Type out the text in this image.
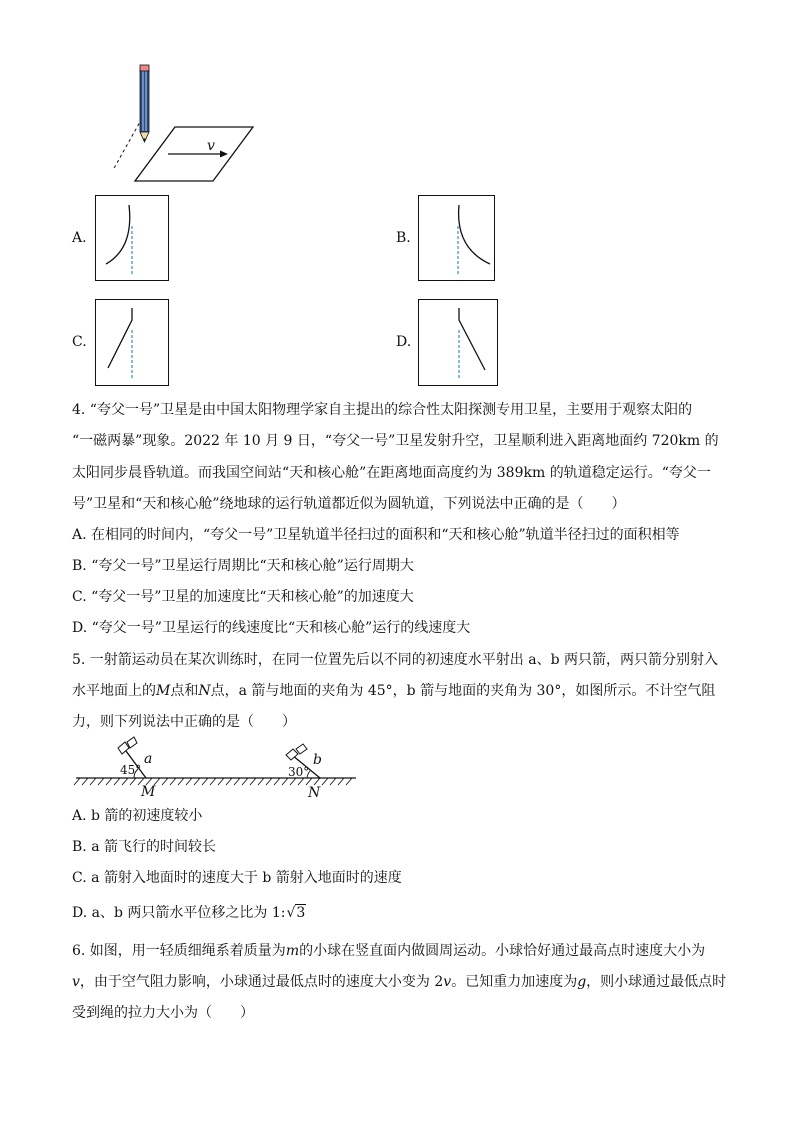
v
A.	B.
C.	D.
4. “夸父一号”卫星是由中国太阳物理学家自主提出的综合性太阳探测专用卫星，主要用于观察太阳的
“一磁两暴”现象。2022 年 10 月 9 日，“夸父一号”卫星发射升空，卫星顺利进入距离地面约 720km 的
太阳同步晨昏轨道。而我国空间站“天和核心舱”在距离地面高度约为 389km 的轨道稳定运行。“夸父一
号”卫星和“天和核心舱”绕地球的运行轨道都近似为圆轨道，下列说法中正确的是（　　）
A. 在相同的时间内，“夸父一号”卫星轨道半径扫过的面积和“天和核心舱”轨道半径扫过的面积相等
B. “夸父一号”卫星运行周期比“天和核心舱”运行周期大
C. “夸父一号”卫星的加速度比“天和核心舱”的加速度大
D. “夸父一号”卫星运行的线速度比“天和核心舱”运行的线速度大
5. 一射箭运动员在某次训练时，在同一位置先后以不同的初速度水平射出 a、b 两只箭，两只箭分别射入
水平地面上的M点和N点，a 箭与地面的夹角为 45°，b 箭与地面的夹角为 30°，如图所示。不计空气阻
力，则下列说法中正确的是（　　）
45°
a
M
30°
b
N
A. b 箭的初速度较小
B. a 箭飞行的时间较长
C. a 箭射入地面时的速度大于 b 箭射入地面时的速度
D. a、b 两只箭水平位移之比为 1:√3
6. 如图，用一轻质细绳系着质量为m的小球在竖直面内做圆周运动。小球恰好通过最高点时速度大小为
v，由于空气阻力影响，小球通过最低点时的速度大小变为 2v。已知重力加速度为g，则小球通过最低点时
受到绳的拉力大小为（　　）
